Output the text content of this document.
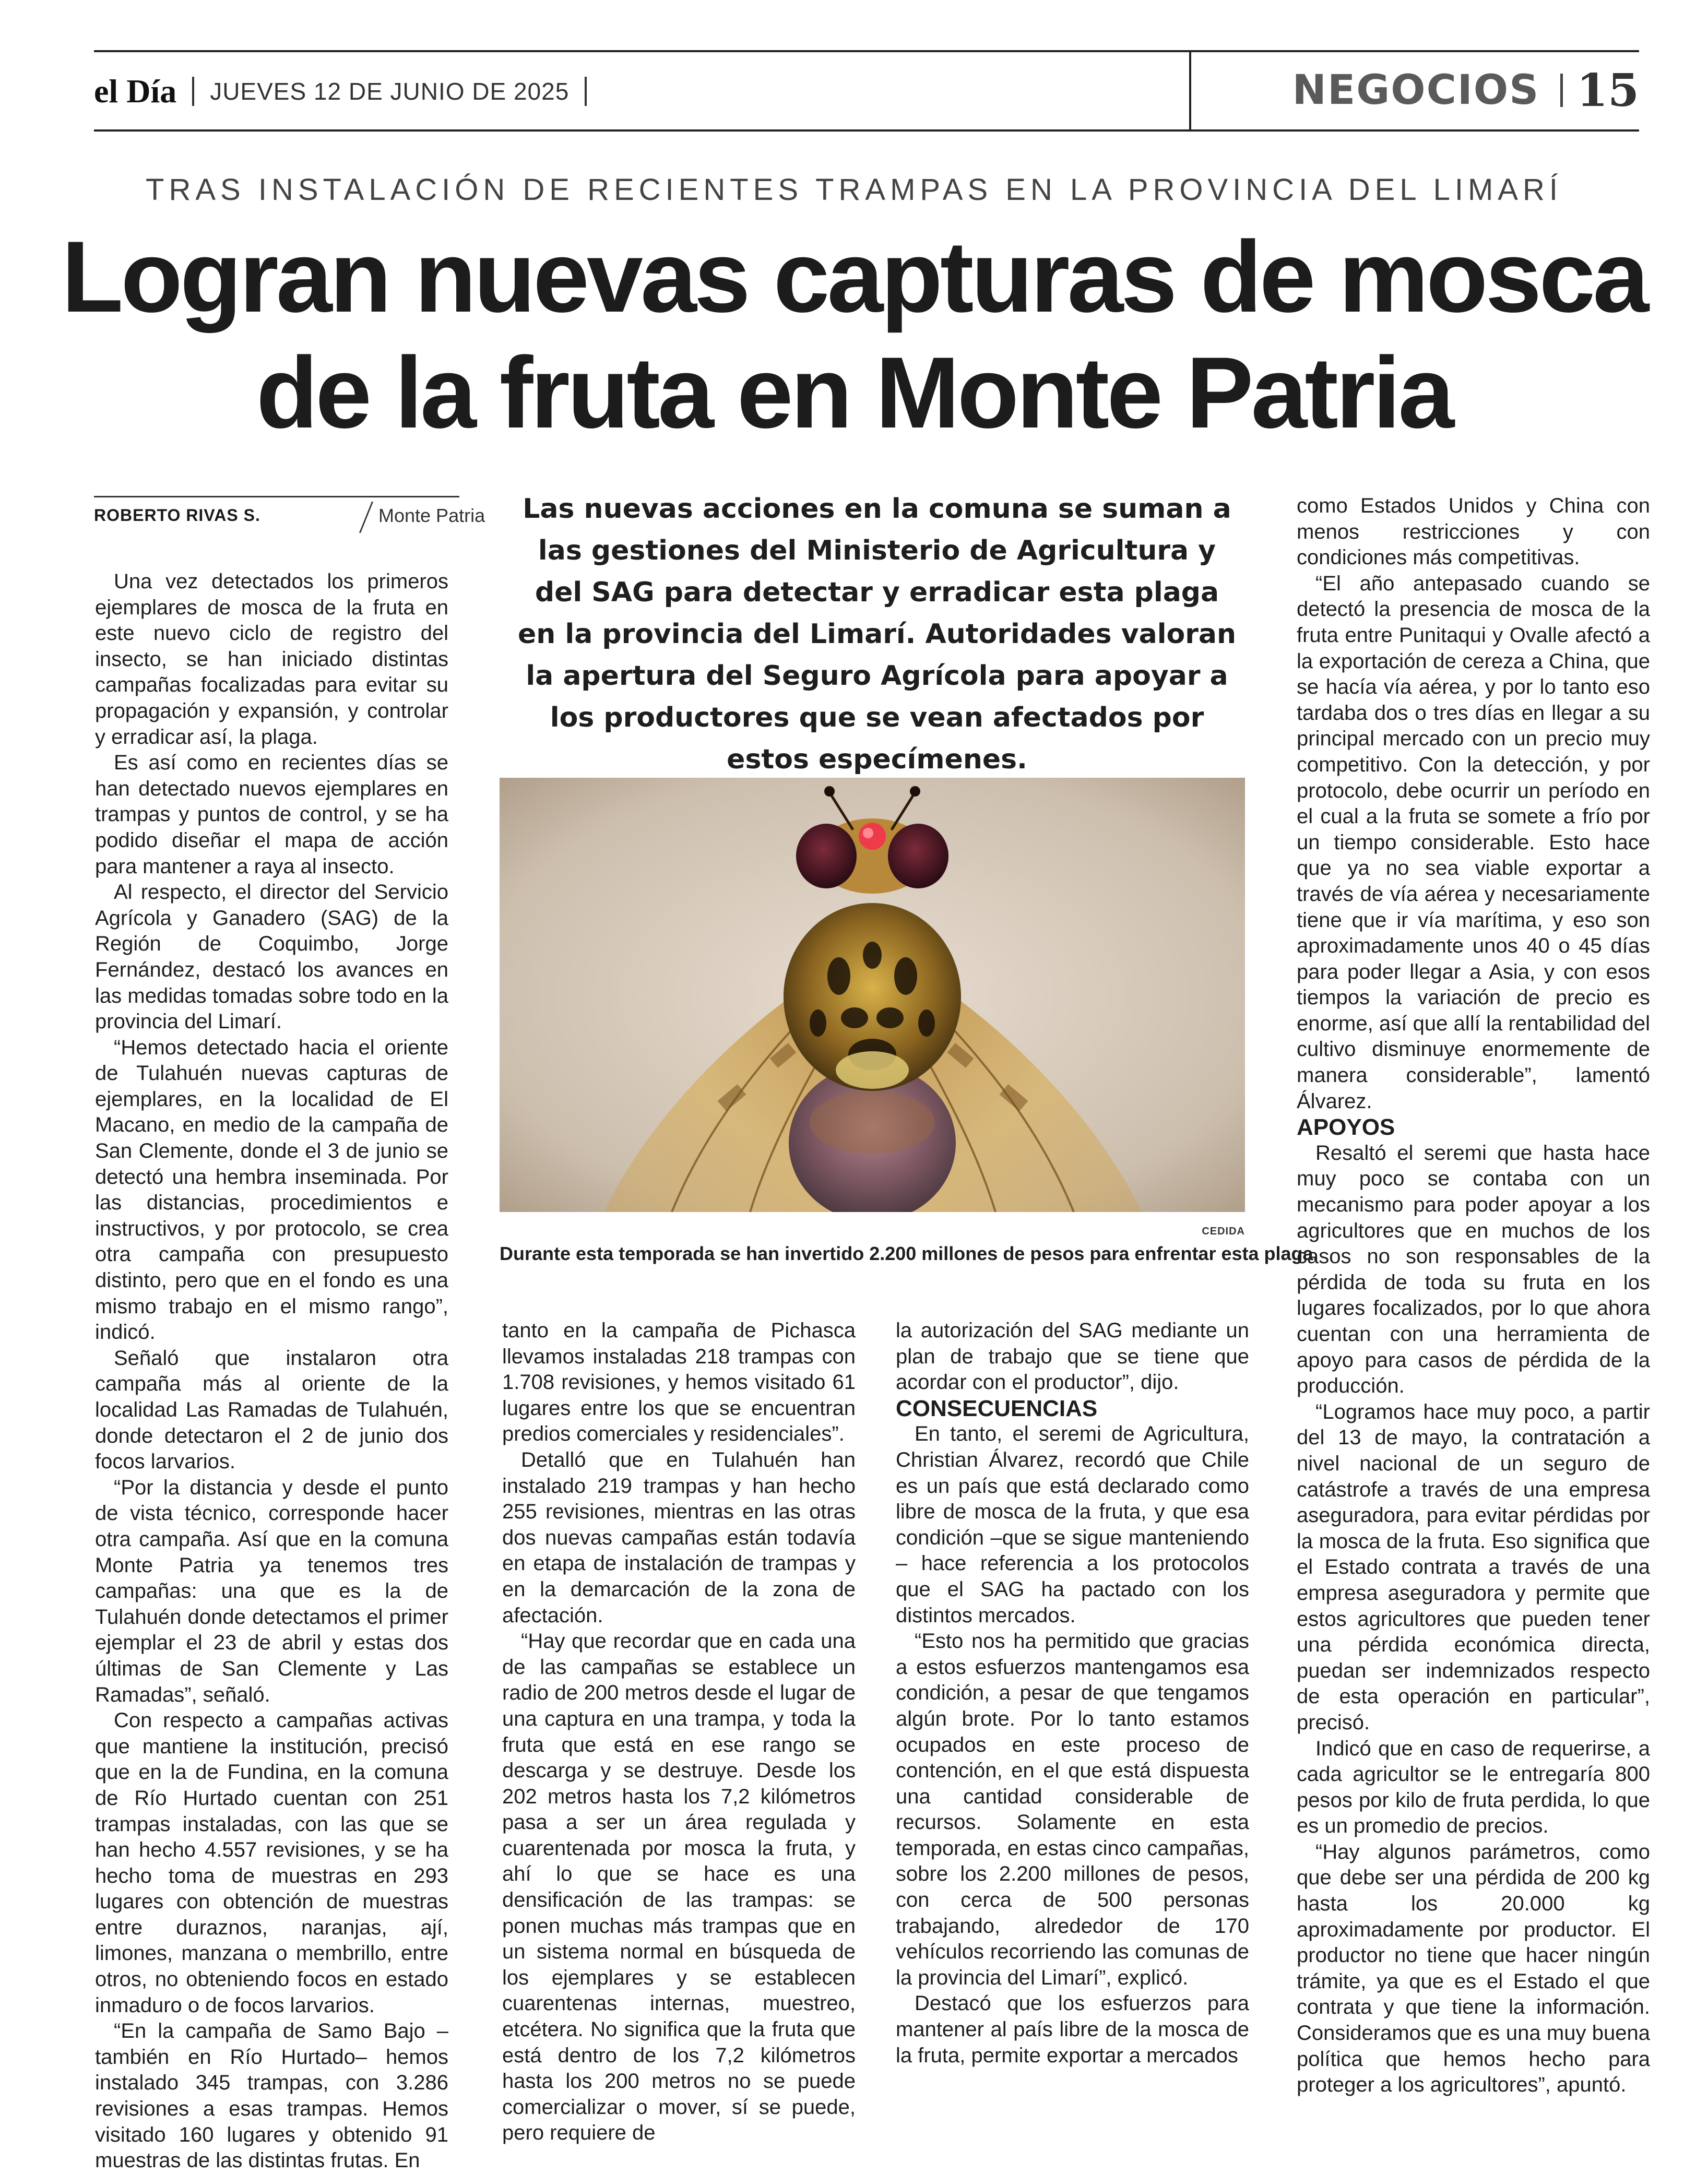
el Día JUEVES 12 DE JUNIO DE 2025	NEGOCIOS 15
TRAS INSTALACIÓN DE RECIENTES TRAMPAS EN LA PROVINCIA DEL LIMARÍ
Logran nuevas capturas de mosca
de la fruta en Monte Patria
ROBERTO RIVAS S.	Monte Patria

Una vez detectados los primeros ejemplares de mosca de la fruta en este nuevo ciclo de registro del insecto, se han iniciado distintas campañas focalizadas para evitar su propagación y expansión, y controlar y erradicar así, la plaga.

Es así como en recientes días se han detectado nuevos ejemplares en trampas y puntos de control, y se ha podido diseñar el mapa de acción para mantener a raya al insecto.

Al respecto, el director del Servicio Agrícola y Ganadero (SAG) de la Región de Coquimbo, Jorge Fernández, destacó los avances en las medidas tomadas sobre todo en la provincia del Limarí.

“Hemos detectado hacia el oriente de Tulahuén nuevas capturas de ejemplares, en la localidad de El Macano, en medio de la campaña de San Clemente, donde el 3 de junio se detectó una hembra inseminada. Por las distancias, procedimientos e instructivos, y por protocolo, se crea otra campaña con presupuesto distinto, pero que en el fondo es una mismo trabajo en el mismo rango”, indicó.

Señaló que instalaron otra campaña más al oriente de la localidad Las Ramadas de Tulahuén, donde detectaron el 2 de junio dos focos larvarios.

“Por la distancia y desde el punto de vista técnico, corresponde hacer otra campaña. Así que en la comuna Monte Patria ya tenemos tres campañas: una que es la de Tulahuén donde detectamos el primer ejemplar el 23 de abril y estas dos últimas de San Clemente y Las Ramadas”, señaló.

Con respecto a campañas activas que mantiene la institución, precisó que en la de Fundina, en la comuna de Río Hurtado cuentan con 251 trampas instaladas, con las que se han hecho 4.557 revisiones, y se ha hecho toma de muestras en 293 lugares con obtención de muestras entre duraznos, naranjas, ají, limones, manzana o membrillo, entre otros, no obteniendo focos en estado inmaduro o de focos larvarios.

“En la campaña de Samo Bajo –también en Río Hurtado– hemos instalado 345 trampas, con 3.286 revisiones a esas trampas. Hemos visitado 160 lugares y obtenido 91 muestras de las distintas frutas. En

Las nuevas acciones en la comuna se suman a las gestiones del Ministerio de Agricultura y del SAG para detectar y erradicar esta plaga en la provincia del Limarí. Autoridades valoran la apertura del Seguro Agrícola para apoyar a los productores que se vean afectados por estos especímenes.
CEDIDA
Durante esta temporada se han invertido 2.200 millones de pesos para enfrentar esta plaga.

tanto en la campaña de Pichasca llevamos instaladas 218 trampas con 1.708 revisiones, y hemos visitado 61 lugares entre los que se encuentran predios comerciales y residenciales”.

Detalló que en Tulahuén han instalado 219 trampas y han hecho 255 revisiones, mientras en las otras dos nuevas campañas están todavía en etapa de instalación de trampas y en la demarcación de la zona de afectación.

“Hay que recordar que en cada una de las campañas se establece un radio de 200 metros desde el lugar de una captura en una trampa, y toda la fruta que está en ese rango se descarga y se destruye. Desde los 202 metros hasta los 7,2 kilómetros pasa a ser un área regulada y cuarentenada por mosca la fruta, y ahí lo que se hace es una densificación de las trampas: se ponen muchas más trampas que en un sistema normal en búsqueda de los ejemplares y se establecen cuarentenas internas, muestreo, etcétera. No significa que la fruta que está dentro de los 7,2 kilómetros hasta los 200 metros no se puede comercializar o mover, sí se puede, pero requiere de

la autorización del SAG mediante un plan de trabajo que se tiene que acordar con el productor”, dijo.

CONSECUENCIAS

En tanto, el seremi de Agricultura, Christian Álvarez, recordó que Chile es un país que está declarado como libre de mosca de la fruta, y que esa condición –que se sigue manteniendo – hace referencia a los protocolos que el SAG ha pactado con los distintos mercados.

“Esto nos ha permitido que gracias a estos esfuerzos mantengamos esa condición, a pesar de que tengamos algún brote. Por lo tanto estamos ocupados en este proceso de contención, en el que está dispuesta una cantidad considerable de recursos. Solamente en esta temporada, en estas cinco campañas, sobre los 2.200 millones de pesos, con cerca de 500 personas trabajando, alrededor de 170 vehículos recorriendo las comunas de la provincia del Limarí”, explicó.

Destacó que los esfuerzos para mantener al país libre de la mosca de la fruta, permite exportar a mercados

como Estados Unidos y China con menos restricciones y con condiciones más competitivas.

“El año antepasado cuando se detectó la presencia de mosca de la fruta entre Punitaqui y Ovalle afectó a la exportación de cereza a China, que se hacía vía aérea, y por lo tanto eso tardaba dos o tres días en llegar a su principal mercado con un precio muy competitivo. Con la detección, y por protocolo, debe ocurrir un período en el cual a la fruta se somete a frío por un tiempo considerable. Esto hace que ya no sea viable exportar a través de vía aérea y necesariamente tiene que ir vía marítima, y eso son aproximadamente unos 40 o 45 días para poder llegar a Asia, y con esos tiempos la variación de precio es enorme, así que allí la rentabilidad del cultivo disminuye enormemente de manera considerable”, lamentó Álvarez.

APOYOS

Resaltó el seremi que hasta hace muy poco se contaba con un mecanismo para poder apoyar a los agricultores que en muchos de los casos no son responsables de la pérdida de toda su fruta en los lugares focalizados, por lo que ahora cuentan con una herramienta de apoyo para casos de pérdida de la producción.

“Logramos hace muy poco, a partir del 13 de mayo, la contratación a nivel nacional de un seguro de catástrofe a través de una empresa aseguradora, para evitar pérdidas por la mosca de la fruta. Eso significa que el Estado contrata a través de una empresa aseguradora y permite que estos agricultores que pueden tener una pérdida económica directa, puedan ser indemnizados respecto de esta operación en particular”, precisó.

Indicó que en caso de requerirse, a cada agricultor se le entregaría 800 pesos por kilo de fruta perdida, lo que es un promedio de precios.

“Hay algunos parámetros, como que debe ser una pérdida de 200 kg hasta los 20.000 kg aproximadamente por productor. El productor no tiene que hacer ningún trámite, ya que es el Estado el que contrata y que tiene la información. Consideramos que es una muy buena política que hemos hecho para proteger a los agricultores”, apuntó.
